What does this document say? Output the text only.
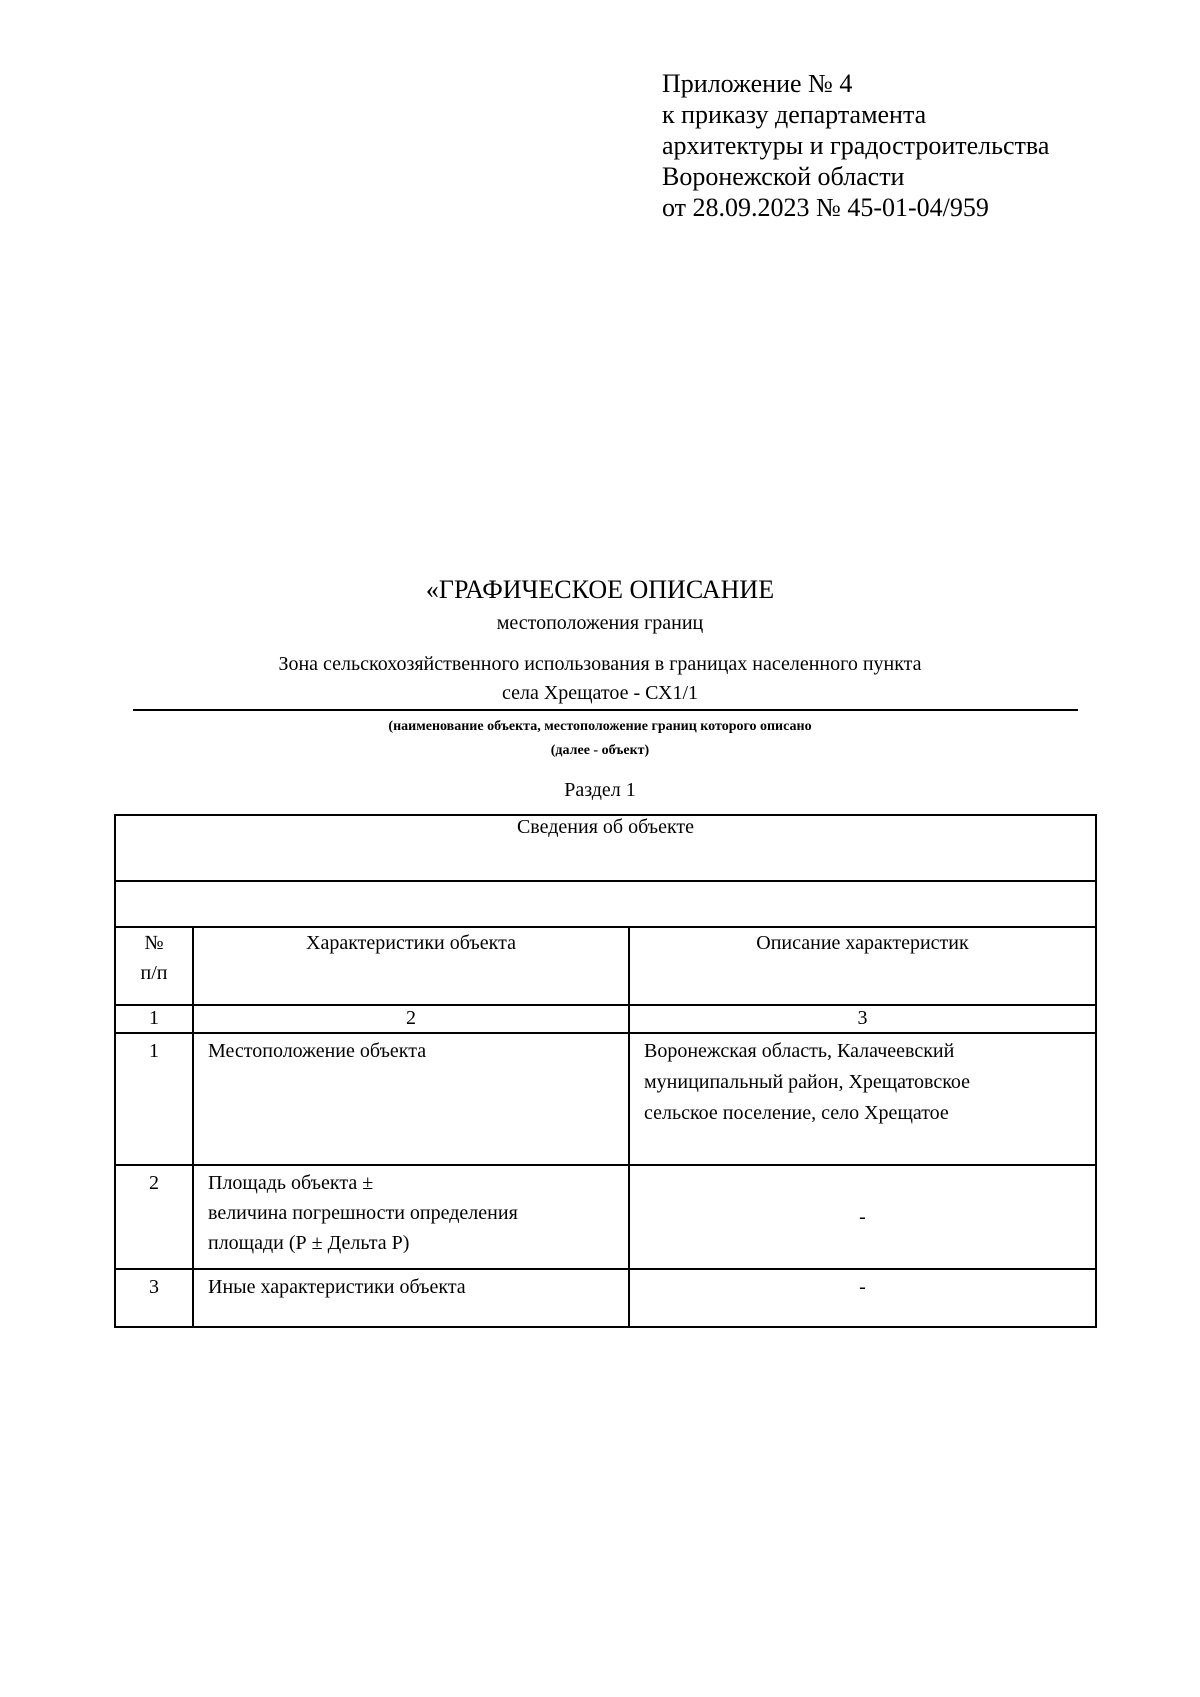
Приложение № 4
к приказу департамента
архитектуры и градостроительства
Воронежской области
от 28.09.2023 № 45-01-04/959
«ГРАФИЧЕСКОЕ ОПИСАНИЕ
местоположения границ
Зона сельскохозяйственного использования в границах населенного пункта
села Хрещатое - СХ1/1
(наименование объекта, местоположение границ которого описано
(далее - объект)
Раздел 1
Сведения об объекте		

№
п/п	Характеристики объекта	Описание характеристик
1	2	3
1	Местоположение объекта	Воронежская область, Калачеевский
муниципальный район, Хрещатовское
сельское поселение, село Хрещатое

2	Площадь объекта ±
величина погрешности определения
площади (Р ± Дельта Р)	-
3	Иные характеристики объекта	-
